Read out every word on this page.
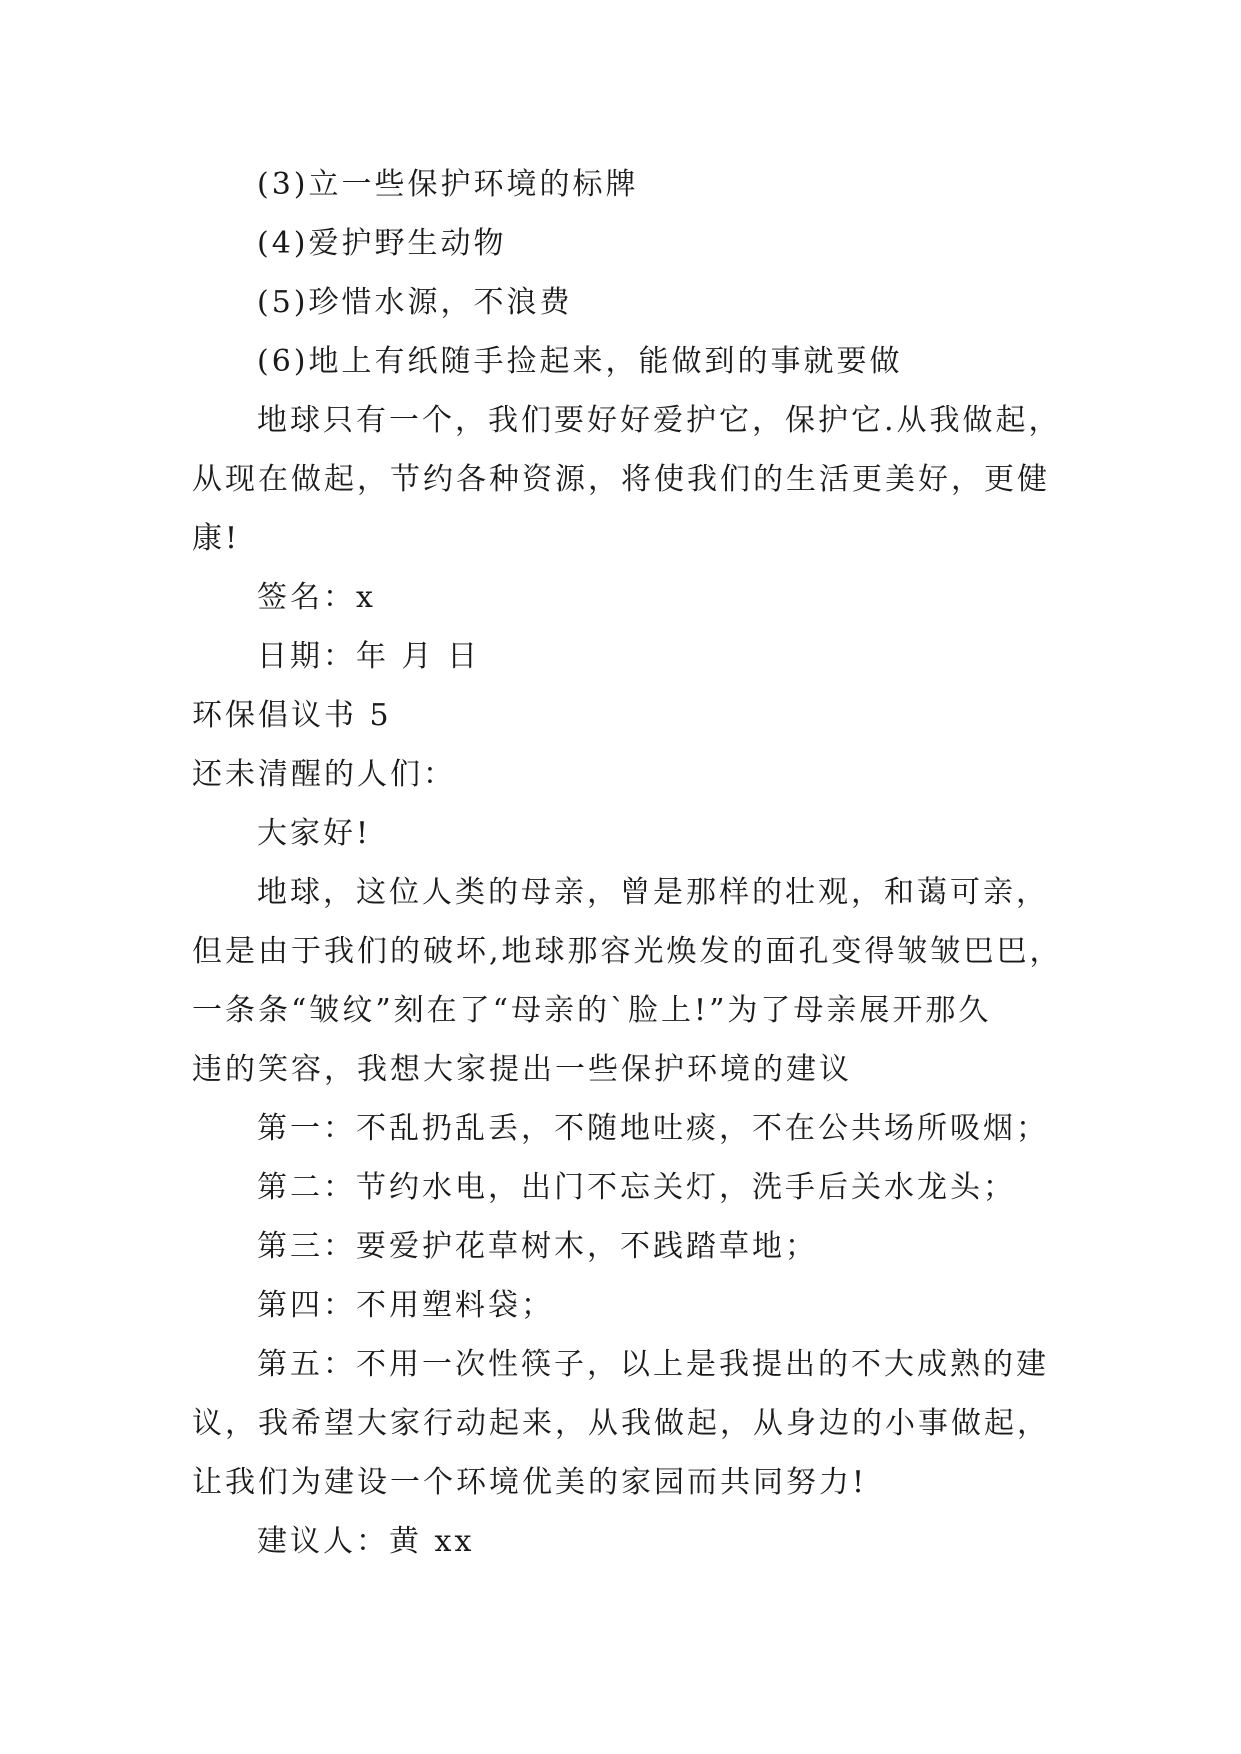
(3)立一些保护环境的标牌
(4)爱护野生动物
(5)珍惜水源，不浪费
(6)地上有纸随手捡起来，能做到的事就要做
地球只有一个，我们要好好爱护它，保护它.从我做起，
从现在做起，节约各种资源，将使我们的生活更美好，更健
康!
签名：x
日期：年 月 日
环保倡议书 5
还未清醒的人们：
大家好!
地球，这位人类的母亲，曾是那样的壮观，和蔼可亲，
但是由于我们的破坏,地球那容光焕发的面孔变得皱皱巴巴，
一条条“皱纹”刻在了“母亲的`脸上!”为了母亲展开那久
违的笑容，我想大家提出一些保护环境的建议
第一：不乱扔乱丢，不随地吐痰，不在公共场所吸烟；
第二：节约水电，出门不忘关灯，洗手后关水龙头；
第三：要爱护花草树木，不践踏草地；
第四：不用塑料袋；
第五：不用一次性筷子，以上是我提出的不大成熟的建
议，我希望大家行动起来，从我做起，从身边的小事做起，
让我们为建设一个环境优美的家园而共同努力!
建议人：黄 xx
